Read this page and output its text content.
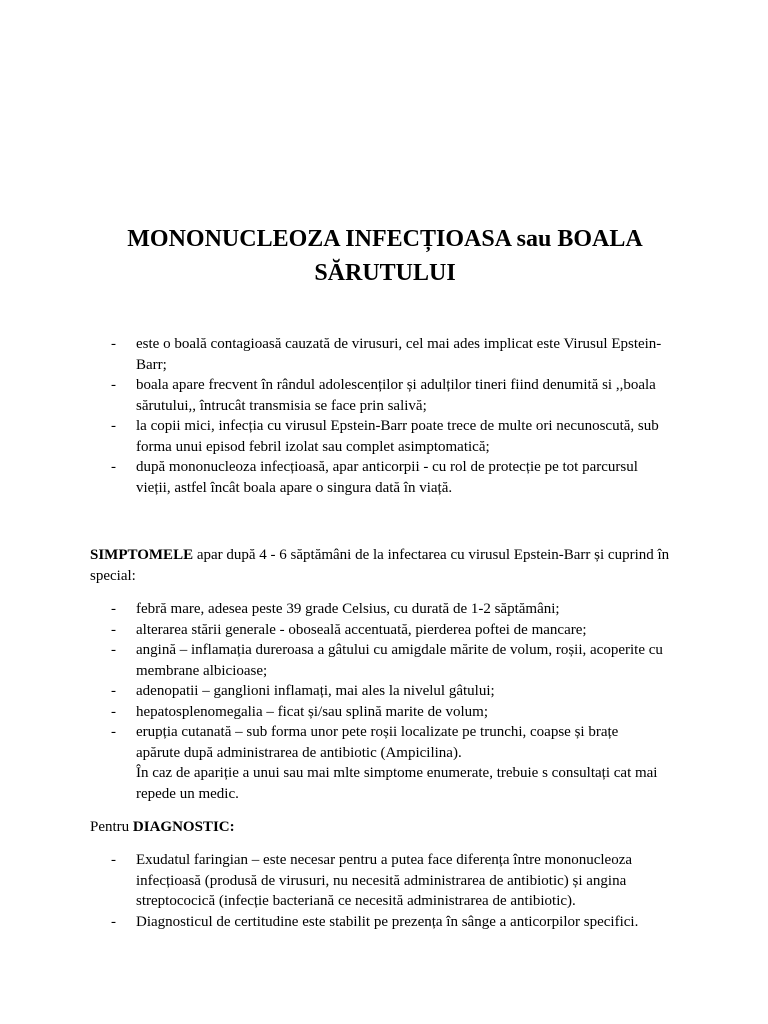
MONONUCLEOZA INFECȚIOASA sau BOALA
SĂRUTULUI
- este o boală contagioasă cauzată de virusuri, cel mai ades implicat este Virusul Epstein-Barr;
- boala apare frecvent în rândul adolescenților și adulților tineri fiind denumită si ,,boala sărutului,, întrucât transmisia se face prin salivă;
- la copii mici, infecția cu virusul Epstein-Barr poate trece de multe ori necunoscută, sub forma unui episod febril izolat sau complet asimptomatică;
- după mononucleoza infecțioasă, apar anticorpii - cu rol de protecție pe tot parcursul vieții, astfel încât boala apare o singura dată în viață.

SIMPTOMELE apar după 4 - 6 săptămâni de la infectarea cu virusul Epstein-Barr și cuprind în special:

- febră mare, adesea peste 39 grade Celsius, cu durată de 1-2 săptămâni;
- alterarea stării generale - oboseală accentuată, pierderea poftei de mancare;
- angină – inflamația dureroasa a gâtului cu amigdale mărite de volum, roșii, acoperite cu membrane albicioase;
- adenopatii – ganglioni inflamați, mai ales la nivelul gâtului;
- hepatosplenomegalia – ficat și/sau splină marite de volum;
- erupția cutanată – sub forma unor pete roșii localizate pe trunchi, coapse și brațe apărute după administrarea de antibiotic (Ampicilina).
În caz de apariție a unui sau mai mlte simptome enumerate, trebuie s consultați cat mai repede un medic.

Pentru DIAGNOSTIC:

- Exudatul faringian – este necesar pentru a putea face diferența între mononucleoza infecțioasă (produsă de virusuri, nu necesită administrarea de antibiotic) și angina streptococică (infecție bacteriană ce necesită administrarea de antibiotic).
- Diagnosticul de certitudine este stabilit pe prezența în sânge a anticorpilor specifici.
